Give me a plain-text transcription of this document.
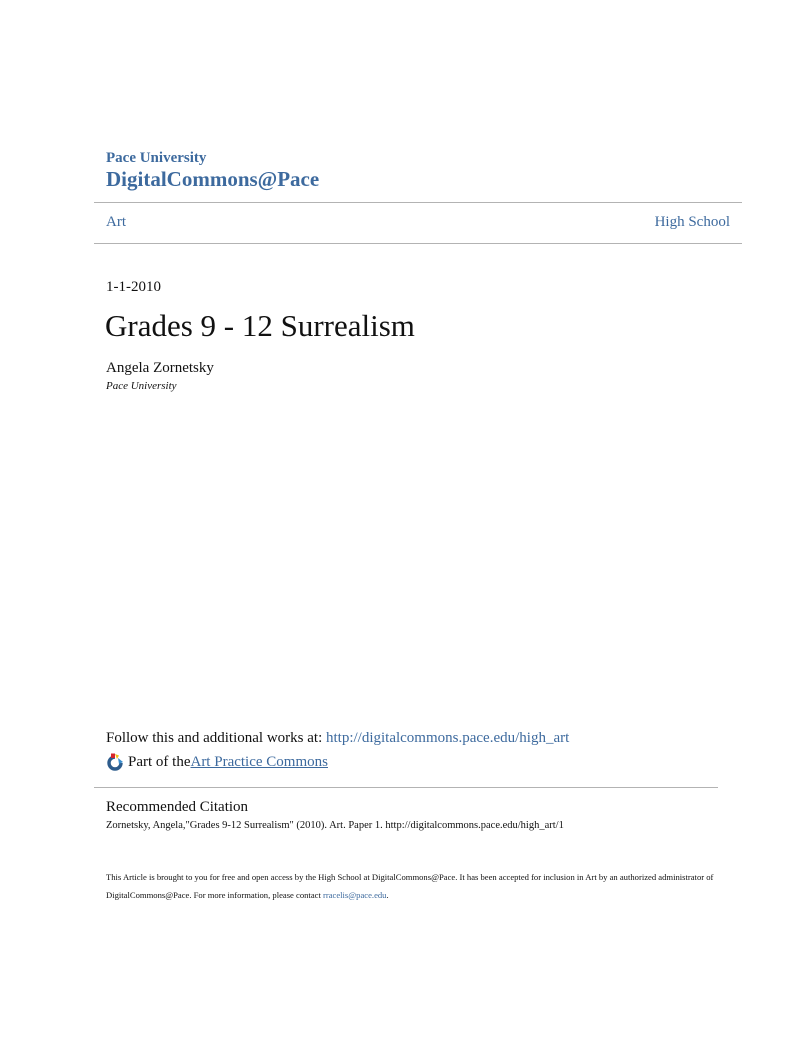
Pace University
DigitalCommons@Pace
Art	High School
1-1-2010
Grades 9 - 12 Surrealism
Angela Zornetsky
Pace University
Follow this and additional works at: http://digitalcommons.pace.edu/high_art
Part of the Art Practice Commons
Recommended Citation
Zornetsky, Angela,"Grades 9-12 Surrealism" (2010). Art. Paper 1. http://digitalcommons.pace.edu/high_art/1
This Article is brought to you for free and open access by the High School at DigitalCommons@Pace. It has been accepted for inclusion in Art by an authorized administrator of DigitalCommons@Pace. For more information, please contact rracelis@pace.edu.
